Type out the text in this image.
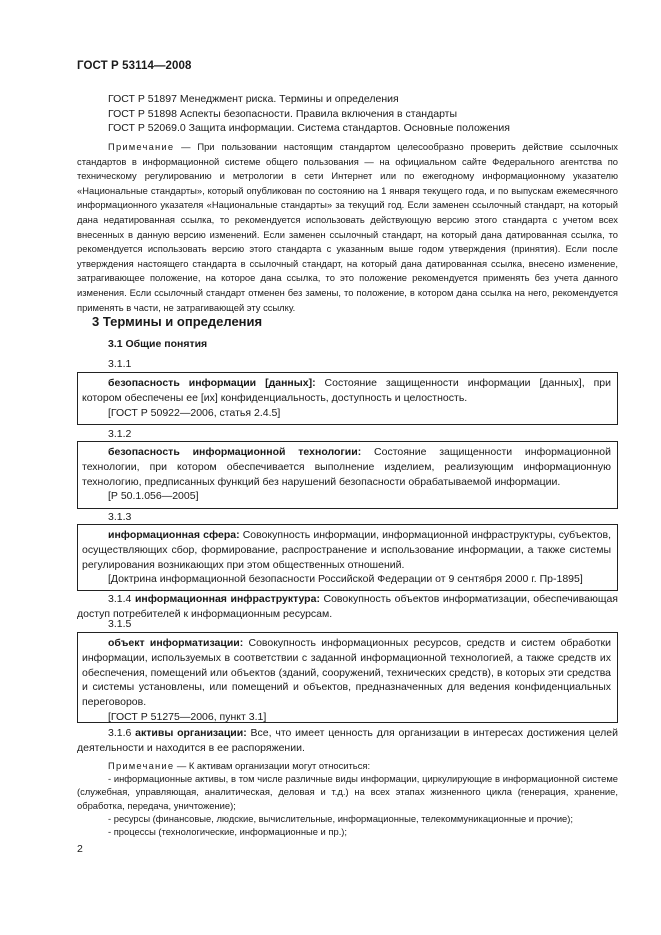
ГОСТ Р 53114—2008
ГОСТ Р 51897 Менеджмент риска. Термины и определения
ГОСТ Р 51898 Аспекты безопасности. Правила включения в стандарты
ГОСТ Р 52069.0 Защита информации. Система стандартов. Основные положения
Примечание — При пользовании настоящим стандартом целесообразно проверить действие ссылочных стандартов в информационной системе общего пользования — на официальном сайте Федерального агентства по техническому регулированию и метрологии в сети Интернет или по ежегодному информационному указателю «Национальные стандарты», который опубликован по состоянию на 1 января текущего года, и по выпускам ежемесячного информационного указателя «Национальные стандарты» за текущий год. Если заменен ссылочный стандарт, на который дана недатированная ссылка, то рекомендуется использовать действующую версию этого стандарта с учетом всех внесенных в данную версию изменений. Если заменен ссылочный стандарт, на который дана датированная ссылка, то рекомендуется использовать версию этого стандарта с указанным выше годом утверждения (принятия). Если после утверждения настоящего стандарта в ссылочный стандарт, на который дана датированная ссылка, внесено изменение, затрагивающее положение, на которое дана ссылка, то это положение рекомендуется применять без учета данного изменения. Если ссылочный стандарт отменен без замены, то положение, в котором дана ссылка на него, рекомендуется применять в части, не затрагивающей эту ссылку.
3 Термины и определения
3.1 Общие понятия
3.1.1
безопасность информации [данных]: Состояние защищенности информации [данных], при котором обеспечены ее [их] конфиденциальность, доступность и целостность.
[ГОСТ Р 50922—2006, статья 2.4.5]
3.1.2
безопасность информационной технологии: Состояние защищенности информационной технологии, при котором обеспечивается выполнение изделием, реализующим информационную технологию, предписанных функций без нарушений безопасности обрабатываемой информации.
[Р 50.1.056—2005]
3.1.3
информационная сфера: Совокупность информации, информационной инфраструктуры, субъектов, осуществляющих сбор, формирование, распространение и использование информации, а также системы регулирования возникающих при этом общественных отношений.
[Доктрина информационной безопасности Российской Федерации от 9 сентября 2000 г. Пр-1895]
3.1.4 информационная инфраструктура: Совокупность объектов информатизации, обеспечивающая доступ потребителей к информационным ресурсам.
3.1.5
объект информатизации: Совокупность информационных ресурсов, средств и систем обработки информации, используемых в соответствии с заданной информационной технологией, а также средств их обеспечения, помещений или объектов (зданий, сооружений, технических средств), в которых эти средства и системы установлены, или помещений и объектов, предназначенных для ведения конфиденциальных переговоров.
[ГОСТ Р 51275—2006, пункт 3.1]
3.1.6 активы организации: Все, что имеет ценность для организации в интересах достижения целей деятельности и находится в ее распоряжении.
Примечание — К активам организации могут относиться:
- информационные активы, в том числе различные виды информации, циркулирующие в информационной системе (служебная, управляющая, аналитическая, деловая и т.д.) на всех этапах жизненного цикла (генерация, хранение, обработка, передача, уничтожение);
- ресурсы (финансовые, людские, вычислительные, информационные, телекоммуникационные и прочие);
- процессы (технологические, информационные и пр.);
2
